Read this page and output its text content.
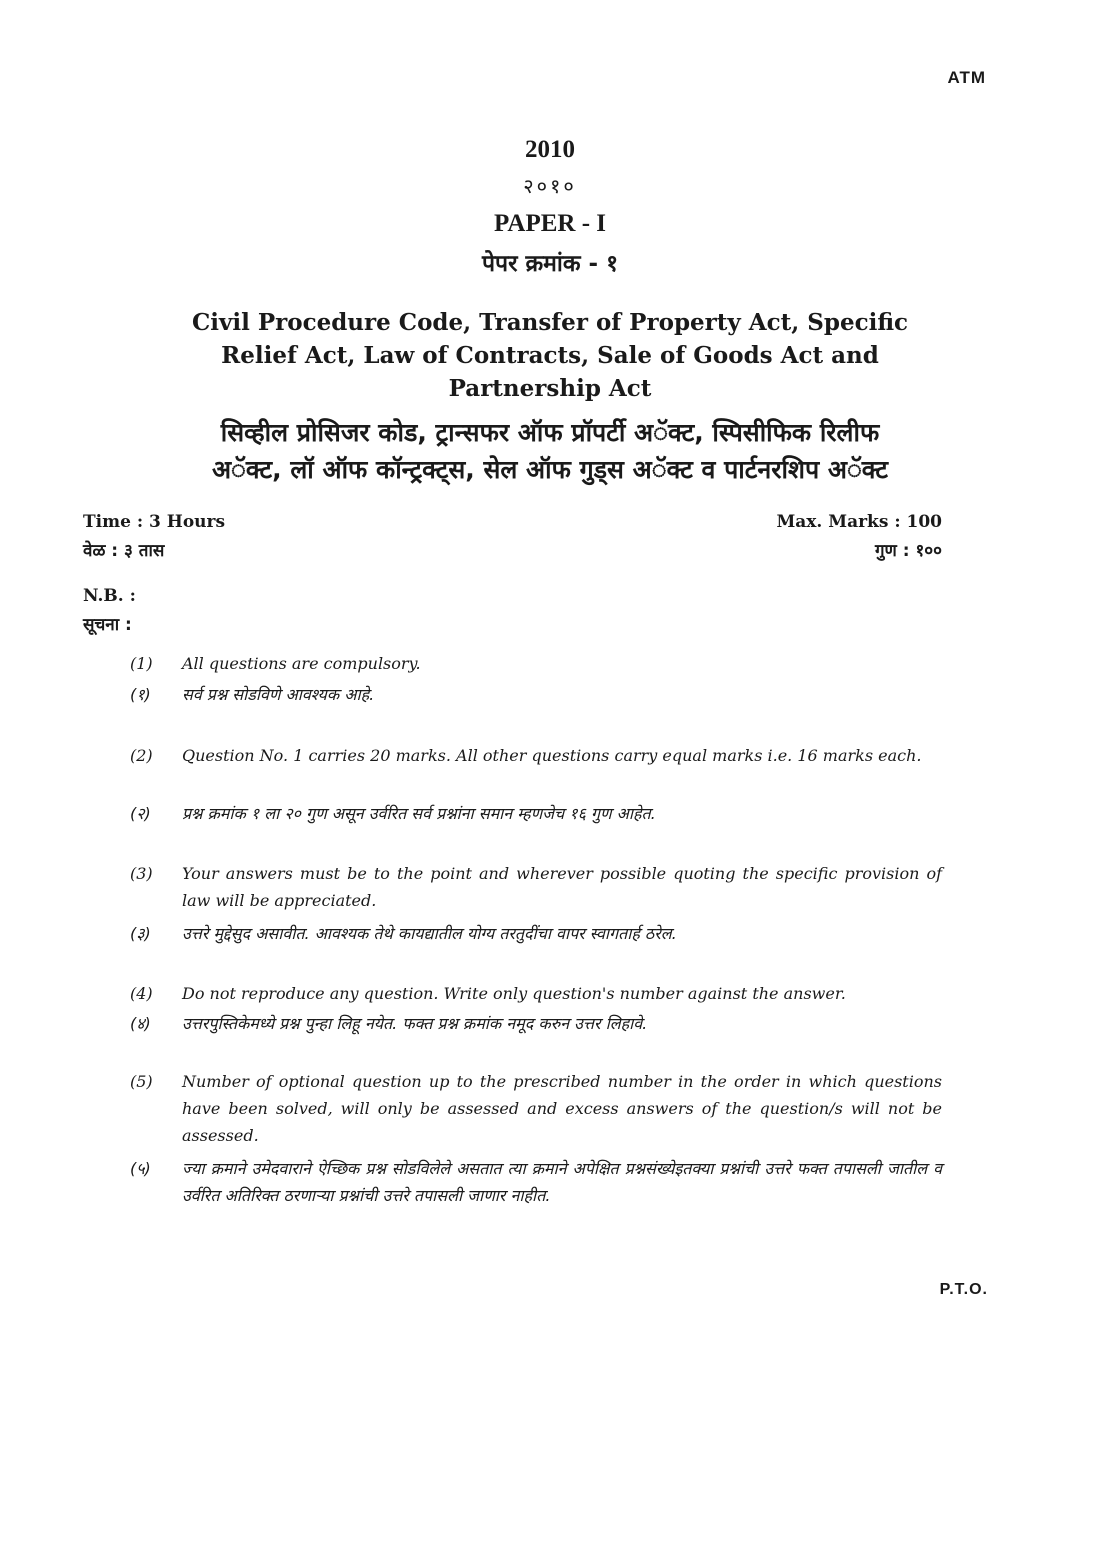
ATM
2010
२०१०
PAPER - I
पेपर क्रमांक - १
Civil Procedure Code, Transfer of Property Act, Specific
Relief Act, Law of Contracts, Sale of Goods Act and
Partnership Act
सिव्हील प्रोसिजर कोड, ट्रान्सफर ऑफ प्रॉपर्टी अॅक्ट, स्पिसीफिक रिलीफ
अॅक्ट, लॉ ऑफ कॉन्ट्रक्ट्स, सेल ऑफ गुड्स अॅक्ट व पार्टनरशिप अॅक्ट
Time : 3 Hours
वेळ : ३ तास
Max. Marks : 100
गुण : १००
N.B. :
सूचना :
(1)	All questions are compulsory.
(१)	सर्व प्रश्न सोडविणे आवश्यक आहे.
(2)	Question No. 1 carries 20 marks. All other questions carry equal marks i.e. 16 marks each.
(२)	प्रश्न क्रमांक १ ला २० गुण असून उर्वरित सर्व प्रश्नांना समान म्हणजेच १६ गुण आहेत.
(3)	Your answers must be to the point and wherever possible quoting the specific provision of law will be appreciated.
(३)	उत्तरे मुद्देसुद असावीत. आवश्यक तेथे कायद्यातील योग्य तरतुदींचा वापर स्वागतार्ह ठरेल.
(4)	Do not reproduce any question. Write only question's number against the answer.
(४)	उत्तरपुस्तिकेमध्ये प्रश्न पुन्हा लिहू नयेत. फक्त प्रश्न क्रमांक नमूद करुन उत्तर लिहावे.
(5)	Number of optional question up to the prescribed number in the order in which questions have been solved, will only be assessed and excess answers of the question/s will not be assessed.
(५)	ज्या क्रमाने उमेदवाराने ऐच्छिक प्रश्न सोडविलेले असतात त्या क्रमाने अपेक्षित प्रश्नसंख्येइतक्या प्रश्नांची उत्तरे फक्त तपासली जातील व उर्वरित अतिरिक्त ठरणाऱ्या प्रश्नांची उत्तरे तपासली जाणार नाहीत.
P.T.O.
